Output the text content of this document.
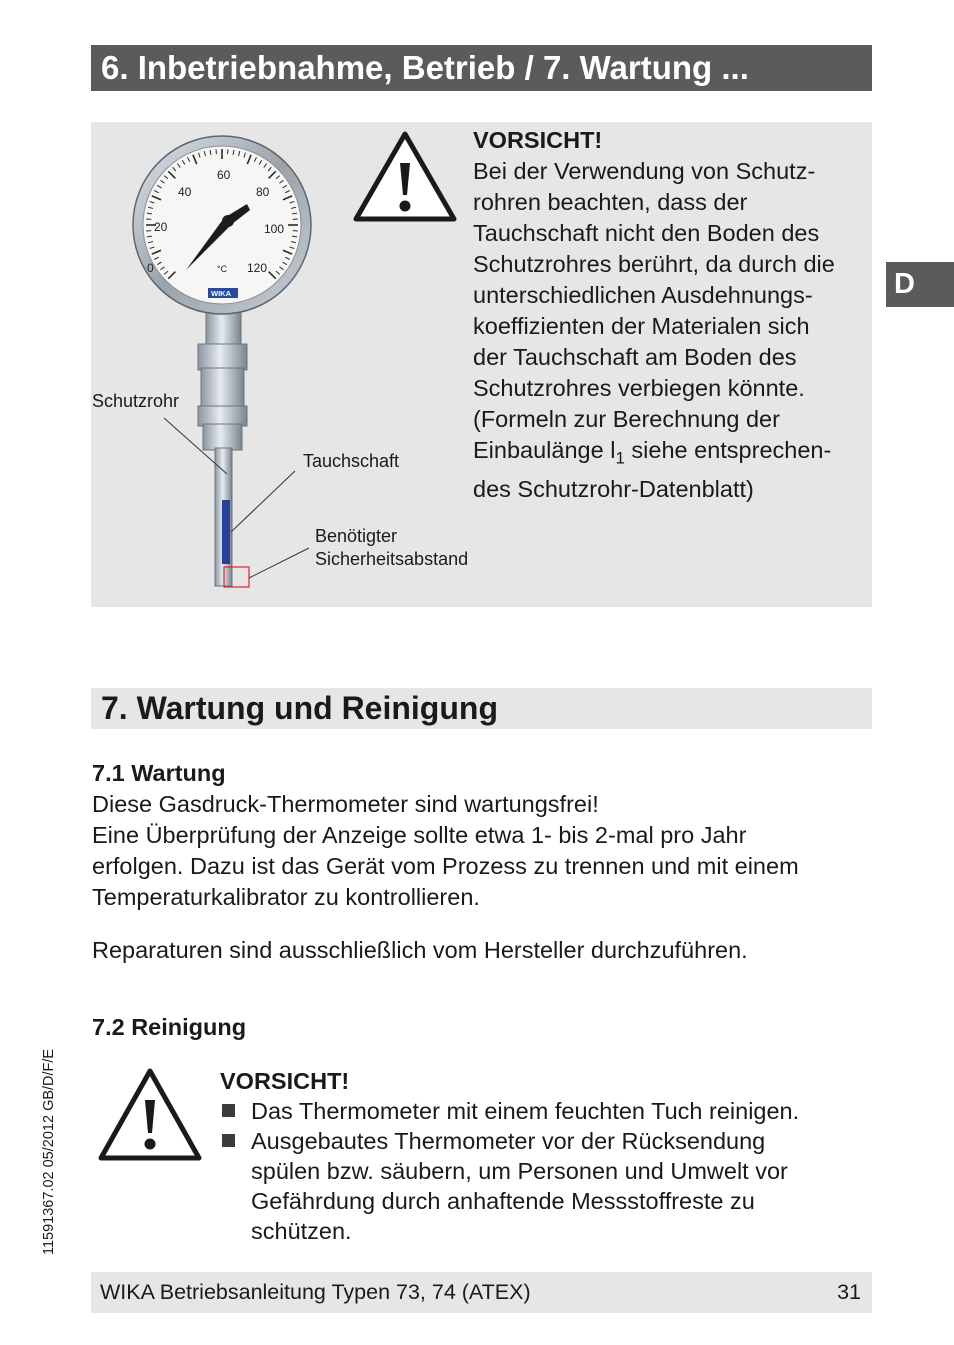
6. Inbetriebnahme, Betrieb / 7. Wartung ...
D
0
20
40
60
80
100
120
°C
WIKA
Schutzrohr
Tauchschaft
Benötigter
Sicherheitsabstand
VORSICHT!
Bei der Verwendung von Schutz-
rohren beachten, dass der
Tauchschaft nicht den Boden des
Schutzrohres berührt, da durch die
unterschiedlichen Ausdehnungs-
koeffizienten der Materialen sich
der Tauchschaft am Boden des
Schutzrohres verbiegen könnte.
(Formeln zur Berechnung der
Einbaulänge $l_1$ siehe entsprechen-
des Schutzrohr-Datenblatt)
7. Wartung und Reinigung
7.1 Wartung
Diese Gasdruck-Thermometer sind wartungsfrei!
Eine Überprüfung der Anzeige sollte etwa 1- bis 2-mal pro Jahr
erfolgen. Dazu ist das Gerät vom Prozess zu trennen und mit einem
Temperaturkalibrator zu kontrollieren.
Reparaturen sind ausschließlich vom Hersteller durchzuführen.
7.2 Reinigung
VORSICHT!
Das Thermometer mit einem feuchten Tuch reinigen.
Ausgebautes Thermometer vor der Rücksendung
spülen bzw. säubern, um Personen und Umwelt vor
Gefährdung durch anhaftende Messstoffreste zu
schützen.
11591367.02 05/2012 GB/D/F/E
WIKA Betriebsanleitung Typen 73, 74 (ATEX)	31
